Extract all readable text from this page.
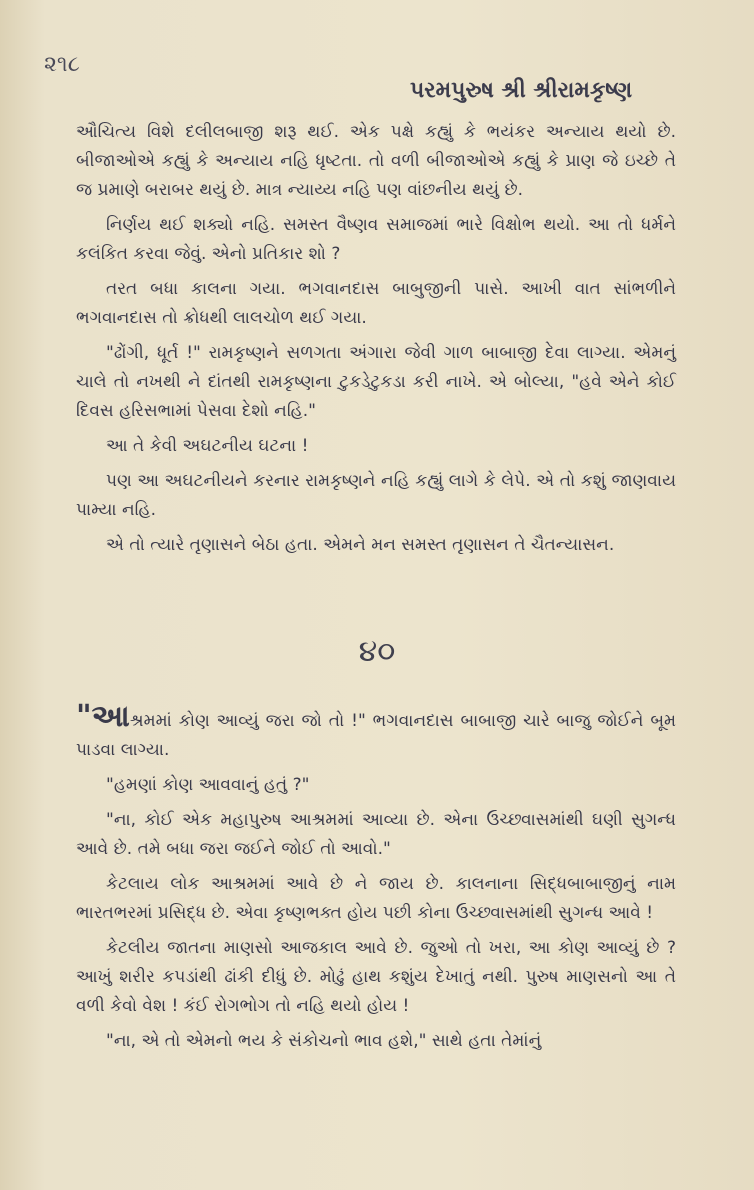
૨૧૮
પરમપુરુષ શ્રી શ્રીરામકૃષ્ણ

ઔચિત્ય વિશે દલીલબાજી શરૂ થઈ. એક પક્ષે કહ્યું કે ભયંકર અન્યાય થયો છે. બીજાઓએ કહ્યું કે અન્યાય નહિ ધૃષ્ટતા. તો વળી બીજાઓએ કહ્યું કે પ્રાણ જે ઇચ્છે તે જ પ્રમાણે બરાબર થયું છે. માત્ર ન્યાય્ય નહિ પણ વાંછનીય થયું છે.

નિર્ણય થઈ શક્યો નહિ. સમસ્ત વૈષ્ણવ સમાજમાં ભારે વિક્ષોભ થયો. આ તો ધર્મને કલંકિત કરવા જેવું. એનો પ્રતિકાર શો ?

તરત બધા કાલના ગયા. ભગવાનદાસ બાબુજીની પાસે. આખી વાત સાંભળીને ભગવાનદાસ તો ક્રોધથી લાલચોળ થઈ ગયા.

"ઢોંગી, ધૂર્ત !" રામકૃષ્ણને સળગતા અંગારા જેવી ગાળ બાબાજી દેવા લાગ્યા. એમનું ચાલે તો નખથી ને દાંતથી રામકૃષ્ણના ટુકડેટુકડા કરી નાખે. એ બોલ્યા, "હવે એને કોઈ દિવસ હરિસભામાં પેસવા દેશો નહિ."

આ તે કેવી અઘટનીય ઘટના !

પણ આ અઘટનીયને કરનાર રામકૃષ્ણને નહિ કહ્યું લાગે કે લેપે. એ તો કશું જાણવાય પામ્યા નહિ.

એ તો ત્યારે તૃણાસને બેઠા હતા. એમને મન સમસ્ત તૃણાસન તે ચૈતન્યાસન.

૪૦

"આશ્રમમાં કોણ આવ્યું જરા જો તો !" ભગવાનદાસ બાબાજી ચારે બાજુ જોઈને બૂમ પાડવા લાગ્યા.

"હમણાં કોણ આવવાનું હતું ?"

"ના, કોઈ એક મહાપુરુષ આશ્રમમાં આવ્યા છે. એના ઉચ્છ્વાસમાંથી ઘણી સુગન્ધ આવે છે. તમે બધા જરા જઈને જોઈ તો આવો."

કેટલાય લોક આશ્રમમાં આવે છે ને જાય છે. કાલનાના સિદ્ધબાબાજીનું નામ ભારતભરમાં પ્રસિદ્ધ છે. એવા કૃષ્ણભક્ત હોય પછી કોના ઉચ્છ્વાસમાંથી સુગન્ધ આવે !

કેટલીય જાતના માણસો આજકાલ આવે છે. જુઓ તો ખરા, આ કોણ આવ્યું છે ? આખું શરીર કપડાંથી ઢાંકી દીધું છે. મોઢું હાથ કશુંય દેખાતું નથી. પુરુષ માણસનો આ તે વળી કેવો વેશ ! કંઈ રોગભોગ તો નહિ થયો હોય !

"ના, એ તો એમનો ભય કે સંકોચનો ભાવ હશે," સાથે હતા તેમાંનું
